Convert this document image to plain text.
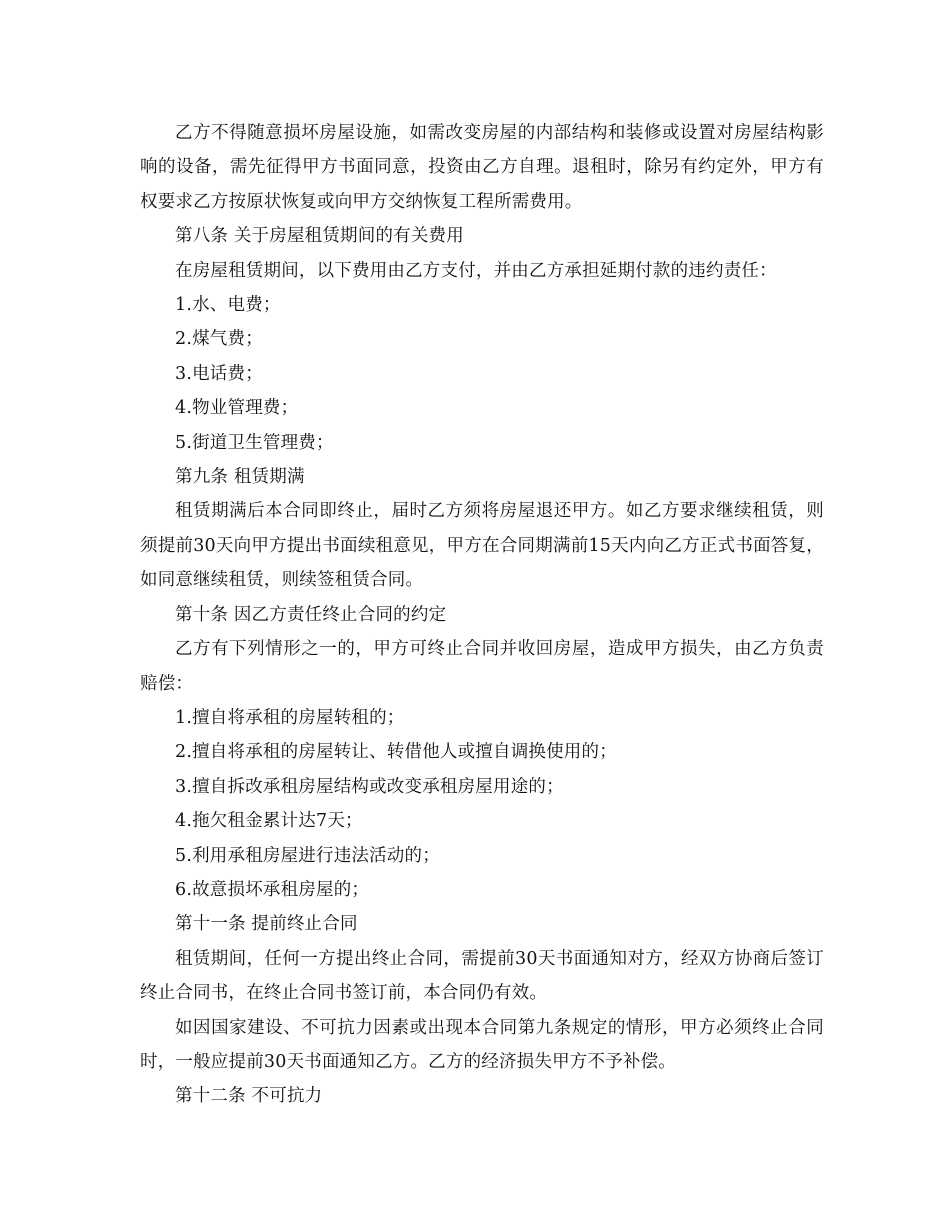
乙方不得随意损坏房屋设施，如需改变房屋的内部结构和装修或设置对房屋结构影响的设备，需先征得甲方书面同意，投资由乙方自理。退租时，除另有约定外，甲方有权要求乙方按原状恢复或向甲方交纳恢复工程所需费用。

第八条 关于房屋租赁期间的有关费用

在房屋租赁期间，以下费用由乙方支付，并由乙方承担延期付款的违约责任：

1.水、电费；

2.煤气费；

3.电话费；

4.物业管理费；

5.街道卫生管理费；

第九条 租赁期满

租赁期满后本合同即终止，届时乙方须将房屋退还甲方。如乙方要求继续租赁，则须提前30天向甲方提出书面续租意见，甲方在合同期满前15天内向乙方正式书面答复，如同意继续租赁，则续签租赁合同。

第十条 因乙方责任终止合同的约定

乙方有下列情形之一的，甲方可终止合同并收回房屋，造成甲方损失，由乙方负责赔偿：

1.擅自将承租的房屋转租的；

2.擅自将承租的房屋转让、转借他人或擅自调换使用的；

3.擅自拆改承租房屋结构或改变承租房屋用途的；

4.拖欠租金累计达7天；

5.利用承租房屋进行违法活动的；

6.故意损坏承租房屋的；

第十一条 提前终止合同

租赁期间，任何一方提出终止合同，需提前30天书面通知对方，经双方协商后签订终止合同书，在终止合同书签订前，本合同仍有效。

如因国家建设、不可抗力因素或出现本合同第九条规定的情形，甲方必须终止合同时，一般应提前30天书面通知乙方。乙方的经济损失甲方不予补偿。

第十二条 不可抗力
